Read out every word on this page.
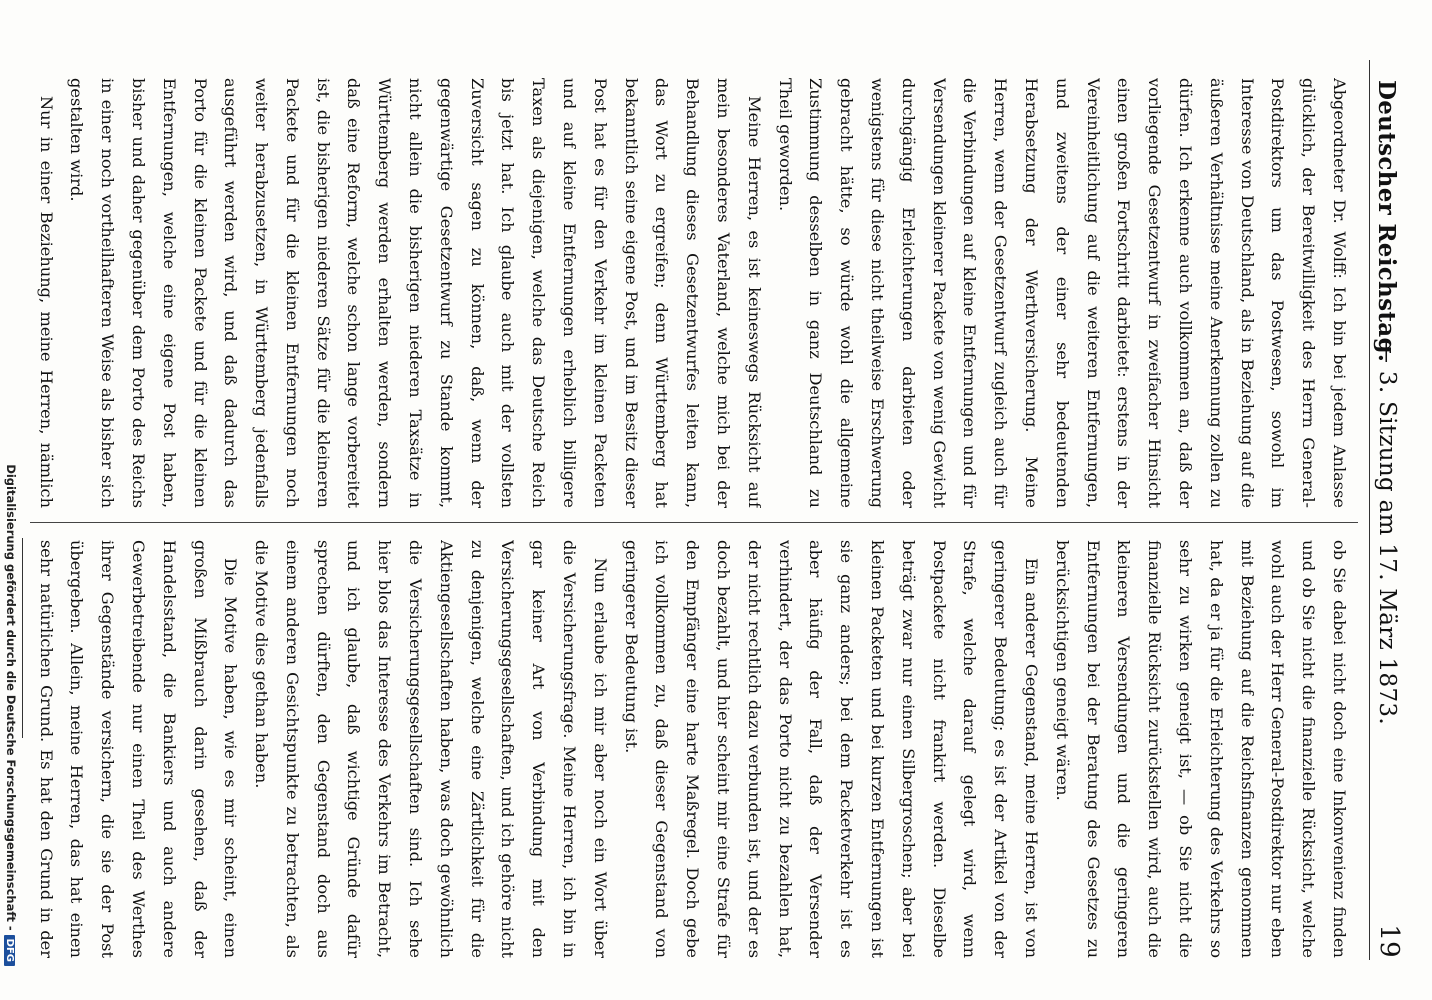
Deutscher Reichstag.
— 3. Sitzung am 17. März 1873.
19

Abgeordneter Dr. Wolff: Ich bin bei jedem Anlasse glücklich, der Bereitwilligkeit des Herrn General-Postdirektors um das Postwesen, sowohl im Interesse von Deutschland, als in Beziehung auf die äußeren Verhältnisse meine Anerkennung zollen zu dürfen. Ich erkenne auch vollkommen an, daß der vorliegende Gesetzentwurf in zweifacher Hinsicht einen großen Fortschritt darbietet: erstens in der Vereinheitlichung auf die weiteren Entfernungen, und zweitens der einer sehr bedeutenden Herabsetzung der Werthversicherung. Meine Herren, wenn der Gesetzentwurf zugleich auch für die Verbindungen auf kleine Entfernungen und für Versendungen kleinerer Packete von wenig Gewicht durchgängig Erleichterungen darbieten oder wenigstens für diese nicht theilweise Erschwerung gebracht hätte, so würde wohl die allgemeine Zustimmung desselben in ganz Deutschland zu Theil geworden.

Meine Herren, es ist keineswegs Rücksicht auf mein besonderes Vaterland, welche mich bei der Behandlung dieses Gesetzentwurfes leiten kann, das Wort zu ergreifen; denn Württemberg hat bekanntlich seine eigene Post, und im Besitz dieser Post hat es für den Verkehr im kleinen Packeten und auf kleine Entfernungen erheblich billigere Taxen als diejenigen, welche das Deutsche Reich bis jetzt hat. Ich glaube auch mit der vollsten Zuversicht sagen zu können, daß, wenn der gegenwärtige Gesetzentwurf zu Stande kommt, nicht allein die bisherigen niederen Taxsätze in Württemberg werden erhalten werden, sondern daß eine Reform, welche schon lange vorbereitet ist, die bisherigen niederen Sätze für die kleineren Packete und für die kleinen Entfernungen noch weiter herabzusetzen, in Württemberg jedenfalls ausgeführt werden wird, und daß dadurch das Porto für die kleinen Packete und für die kleinen Entfernungen, welche eine eigene Post haben, bisher und daher gegenüber dem Porto des Reichs in einer noch vortheilhafteren Weise als bisher sich gestalten wird.

Nur in einer Beziehung, meine Herren, nämlich

ob Sie dabei nicht doch eine Inkonvenienz finden und ob Sie nicht die finanzielle Rücksicht, welche wohl auch der Herr General-Postdirektor nur eben mit Beziehung auf die Reichsfinanzen genommen hat, da er ja für die Erleichterung des Verkehrs so sehr zu wirken geneigt ist, — ob Sie nicht die finanzielle Rücksicht zurückstellen wird, auch die kleineren Versendungen und die geringeren Entfernungen bei der Beratung des Gesetzes zu berücksichtigen geneigt wären.

Ein anderer Gegenstand, meine Herren, ist von geringerer Bedeutung; es ist der Artikel von der Strafe, welche darauf gelegt wird, wenn Postpackete nicht frankirt werden. Dieselbe beträgt zwar nur einen Silbergroschen; aber bei kleinen Packeten und bei kurzen Entfernungen ist sie ganz anders; bei dem Packetverkehr ist es aber häufig der Fall, daß der Versender verhindert, der das Porto nicht zu bezahlen hat, der nicht rechtlich dazu verbunden ist, und der es doch bezahlt, und hier scheint mir eine Strafe für den Empfänger eine harte Maßregel. Doch gebe ich vollkommen zu, daß dieser Gegenstand von geringerer Bedeutung ist.

Nun erlaube ich mir aber noch ein Wort über die Versicherungsfrage. Meine Herren, ich bin in gar keiner Art von Verbindung mit den Versicherungsgesellschaften, und ich gehöre nicht zu denjenigen, welche eine Zärtlichkeit für die Aktiengesellschaften haben, was doch gewöhnlich die Versicherungsgesellschaften sind. Ich sehe hier blos das Interesse des Verkehrs im Betracht, und ich glaube, daß wichtige Gründe dafür sprechen dürften, den Gegenstand doch aus einem anderen Gesichtspunkte zu betrachten, als die Motive dies gethan haben.

Die Motive haben, wie es mir scheint, einen großen Mißbrauch darin gesehen, daß der Handelsstand, die Bankiers und auch andere Gewerbetreibende nur einen Theil des Werthes ihrer Gegenstände versichern, die sie der Post übergeben. Allein, meine Herren, das hat einen sehr natürlichen Grund. Es hat den Grund in der

Digitalisierung gefördert durch die Deutsche Forschungsgemeinschaft -DFG
